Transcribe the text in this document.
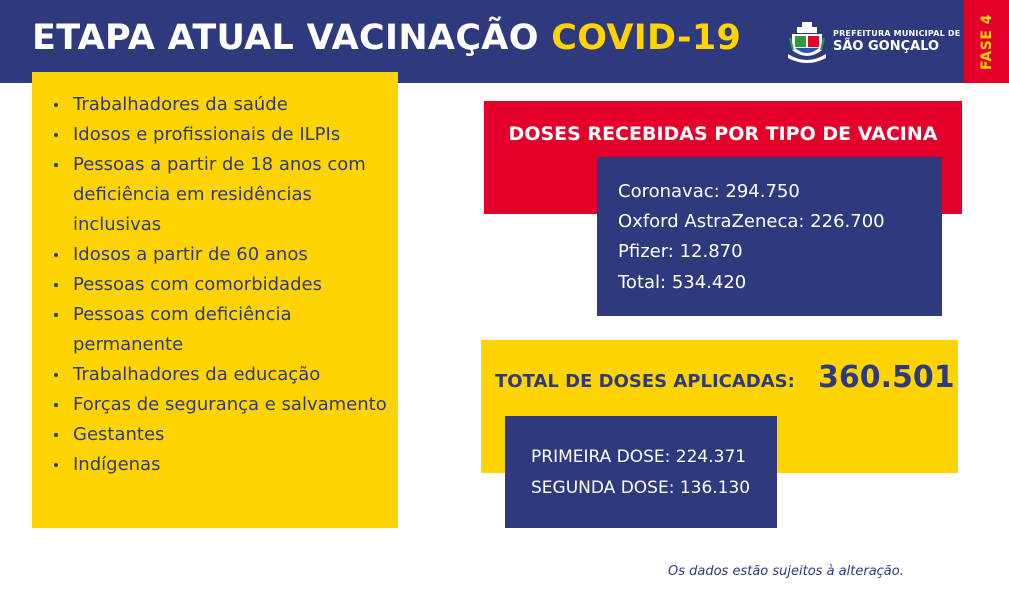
ETAPA ATUAL VACINAÇÃO COVID-19	PREFEITURA MUNICIPAL DE
SÃO GONÇALO	FASE 4
Trabalhadores da saúde
Idosos e profissionais de ILPIs
Pessoas a partir de 18 anos com deficiência em residências inclusivas
Idosos a partir de 60 anos
Pessoas com comorbidades
Pessoas com deficiência permanente
Trabalhadores da educação
Forças de segurança e salvamento
Gestantes
Indígenas
DOSES RECEBIDAS POR TIPO DE VACINA
Coronavac: 294.750
Oxford AstraZeneca: 226.700
Pfizer: 12.870
Total: 534.420
TOTAL DE DOSES APLICADAS: 360.501
PRIMEIRA DOSE: 224.371
SEGUNDA DOSE: 136.130
Os dados estão sujeitos à alteração.
